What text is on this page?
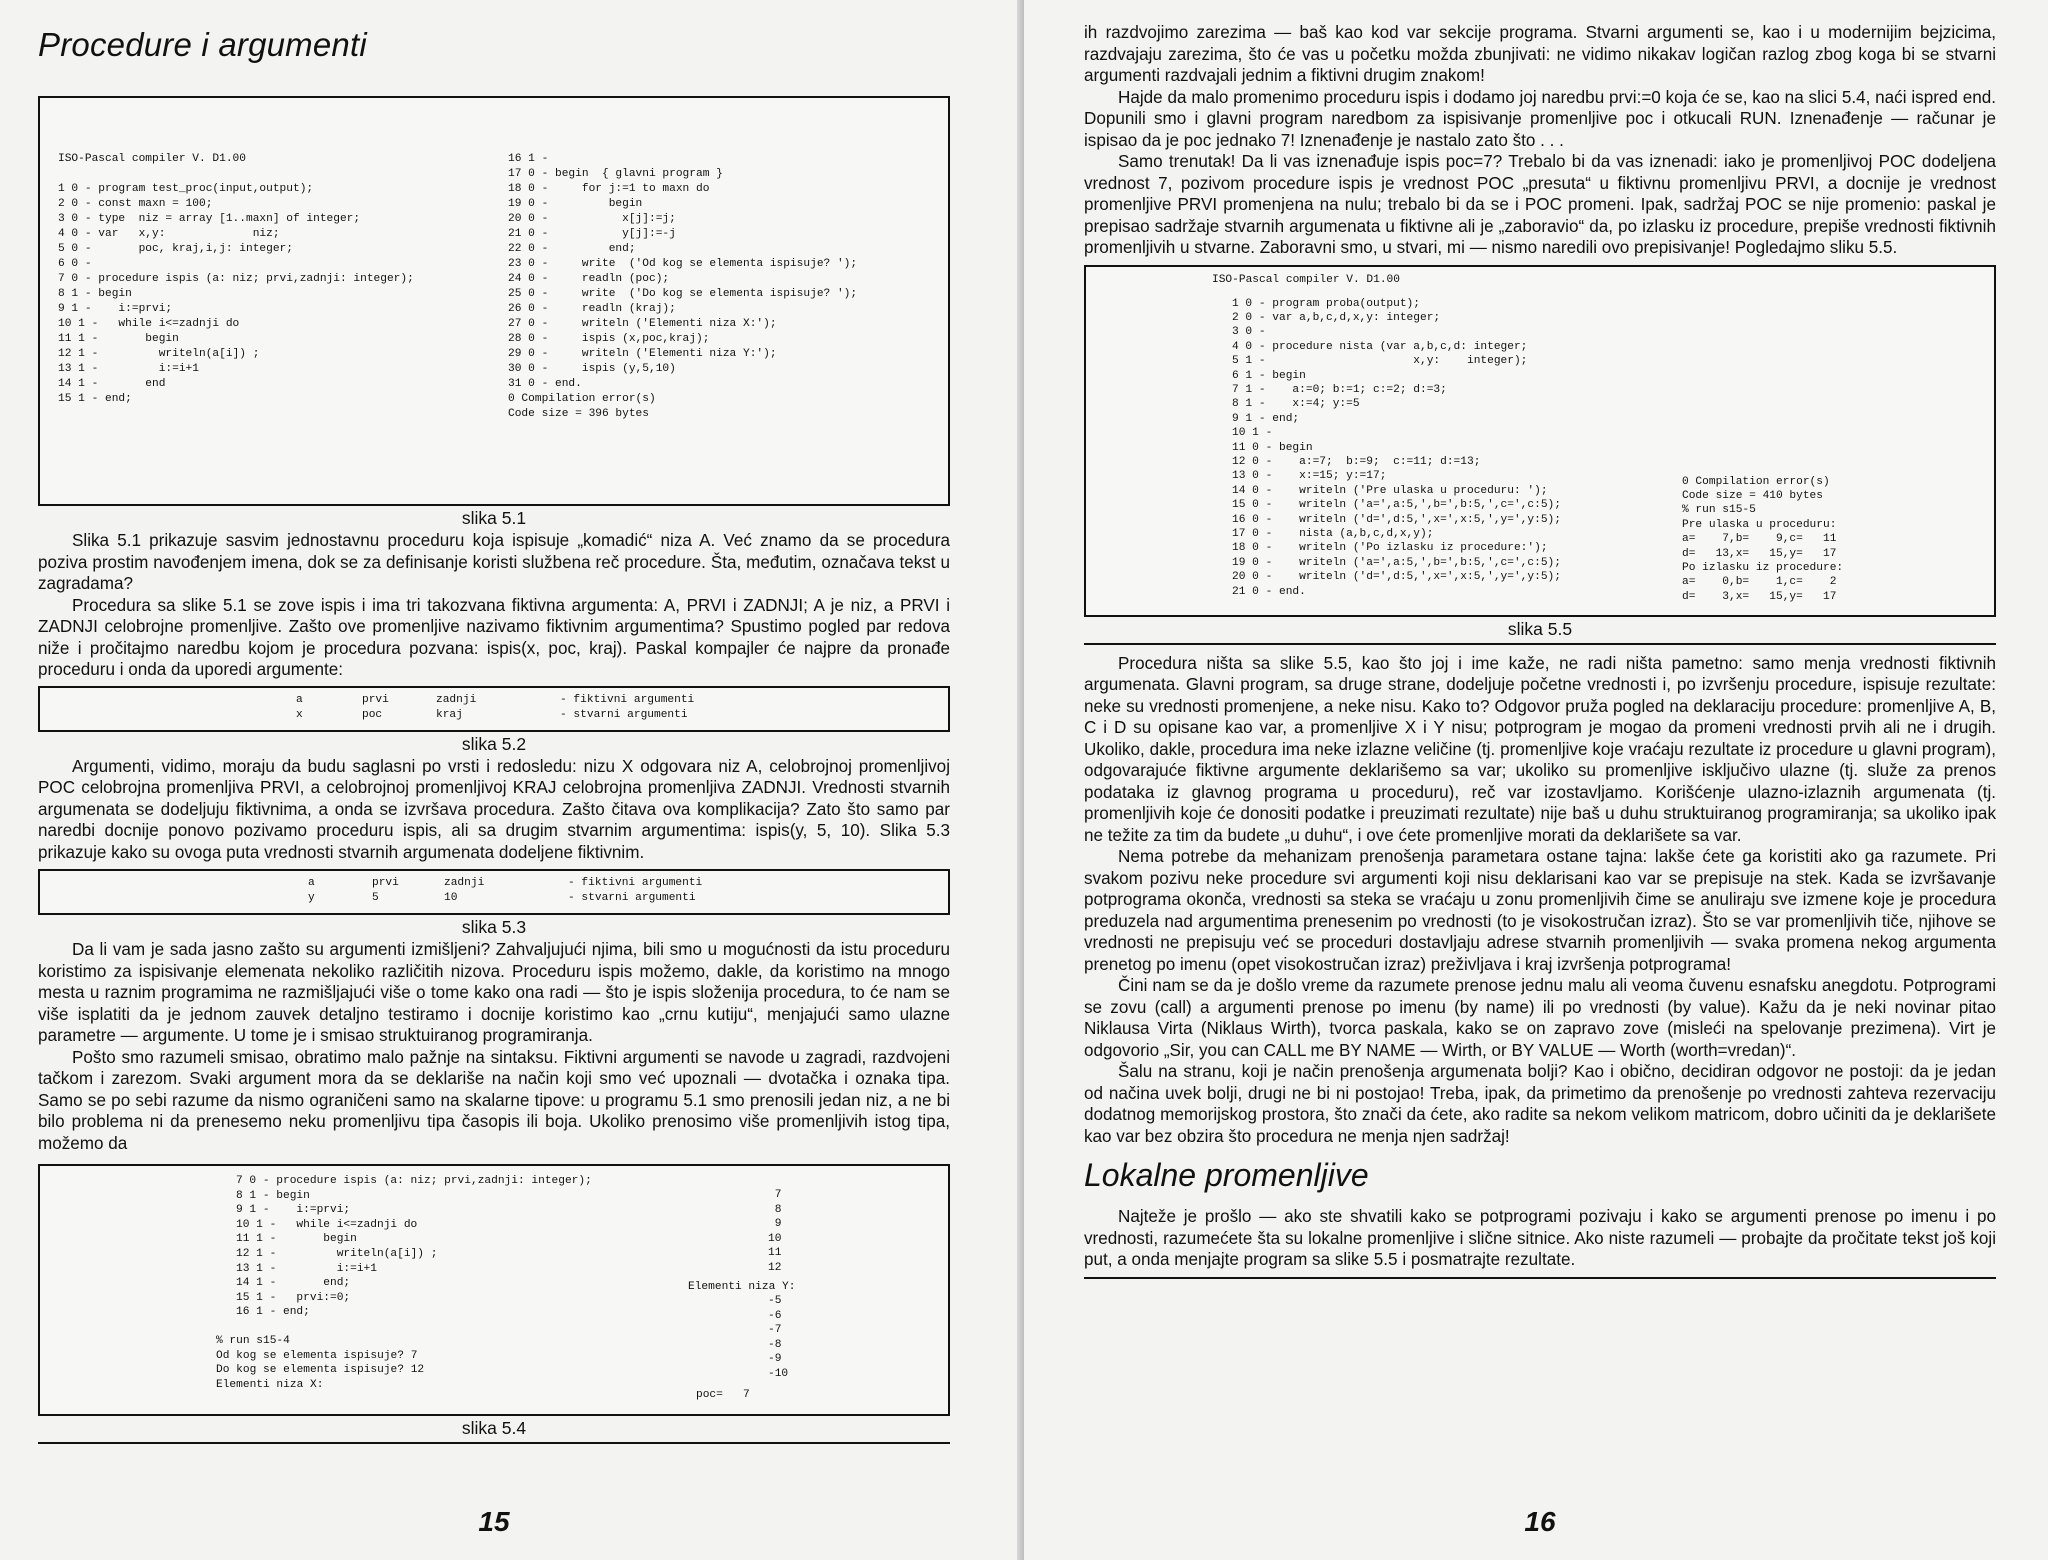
Procedure i argumenti
ISO-Pascal compiler V. D1.00
1 0 - program test_proc(input,output);
2 0 - const maxn = 100;
3 0 - type  niz = array [1..maxn] of integer;
4 0 - var   x,y:             niz;
5 0 -       poc, kraj,i,j: integer;
6 0 -
7 0 - procedure ispis (a: niz; prvi,zadnji: integer);
8 1 - begin
9 1 -    i:=prvi;
10 1 -   while i<=zadnji do
11 1 -       begin
12 1 -         writeln(a[i]) ;
13 1 -         i:=i+1
14 1 -       end
15 1 - end;
16 1 -
17 0 - begin  { glavni program }
18 0 -     for j:=1 to maxn do
19 0 -         begin
20 0 -           x[j]:=j;
21 0 -           y[j]:=-j
22 0 -         end;
23 0 -     write  ('Od kog se elementa ispisuje? ');
24 0 -     readln (poc);
25 0 -     write  ('Do kog se elementa ispisuje? ');
26 0 -     readln (kraj);
27 0 -     writeln ('Elementi niza X:');
28 0 -     ispis (x,poc,kraj);
29 0 -     writeln ('Elementi niza Y:');
30 0 -     ispis (y,5,10)
31 0 - end.
0 Compilation error(s)
Code size = 396 bytes
slika 5.1

Slika 5.1 prikazuje sasvim jednostavnu proceduru koja ispisuje „komadić“ niza A. Već znamo da se procedura poziva prostim navođenjem imena, dok se za definisanje koristi službena reč procedure. Šta, međutim, označava tekst u zagradama?

Procedura sa slike 5.1 se zove ispis i ima tri takozvana fiktivna argumenta: A, PRVI i ZADNJI; A je niz, a PRVI i ZADNJI celobrojne promenljive. Zašto ove promenljive nazivamo fiktivnim argumentima? Spustimo pogled par redova niže i pročitajmo naredbu kojom je procedura pozvana: ispis(x, poc, kraj). Paskal kompajler će najpre da pronađe proceduru i onda da uporedi argumente:

a	prvi	zadnji	- fiktivni argumenti
x	poc	kraj	- stvarni argumenti
slika 5.2

Argumenti, vidimo, moraju da budu saglasni po vrsti i redosledu: nizu X odgovara niz A, celobrojnoj promenljivoj POC celobrojna promenljiva PRVI, a celobrojnoj promenljivoj KRAJ celobrojna promenljiva ZADNJI. Vrednosti stvarnih argumenata se dodeljuju fiktivnima, a onda se izvršava procedura. Zašto čitava ova komplikacija? Zato što samo par naredbi docnije ponovo pozivamo proceduru ispis, ali sa drugim stvarnim argumentima: ispis(y, 5, 10). Slika 5.3 prikazuje kako su ovoga puta vrednosti stvarnih argumenata dodeljene fiktivnim.

a	prvi	zadnji	- fiktivni argumenti
y	5	10	- stvarni argumenti
slika 5.3

Da li vam je sada jasno zašto su argumenti izmišljeni? Zahvaljujući njima, bili smo u mogućnosti da istu proceduru koristimo za ispisivanje elemenata nekoliko različitih nizova. Proceduru ispis možemo, dakle, da koristimo na mnogo mesta u raznim programima ne razmišljajući više o tome kako ona radi — što je ispis složenija procedura, to će nam se više isplatiti da je jednom zauvek detaljno testiramo i docnije koristimo kao „crnu kutiju“, menjajući samo ulazne parametre — argumente. U tome je i smisao struktuiranog programiranja.

Pošto smo razumeli smisao, obratimo malo pažnje na sintaksu. Fiktivni argumenti se navode u zagradi, razdvojeni tačkom i zarezom. Svaki argument mora da se deklariše na način koji smo već upoznali — dvotačka i oznaka tipa. Samo se po sebi razume da nismo ograničeni samo na skalarne tipove: u programu 5.1 smo prenosili jedan niz, a ne bi bilo problema ni da prenesemo neku promenljivu tipa časopis ili boja. Ukoliko prenosimo više promenljivih istog tipa, možemo da

7 0 - procedure ispis (a: niz; prvi,zadnji: integer);
8 1 - begin
9 1 -    i:=prvi;
10 1 -   while i<=zadnji do
11 1 -       begin
12 1 -         writeln(a[i]) ;
13 1 -         i:=i+1
14 1 -       end;
15 1 -   prvi:=0;
16 1 - end;
% run s15-4
Od kog se elementa ispisuje? 7
Do kog se elementa ispisuje? 12
Elementi niza X:
7
8
9
10
11
12
Elementi niza Y:
-5
-6
-7
-8
-9
-10
poc=   7
slika 5.4
15

ih razdvojimo zarezima — baš kao kod var sekcije programa. Stvarni argumenti se, kao i u modernijim bejzicima, razdvajaju zarezima, što će vas u početku možda zbunjivati: ne vidimo nikakav logičan razlog zbog koga bi se stvarni argumenti razdvajali jednim a fiktivni drugim znakom!

Hajde da malo promenimo proceduru ispis i dodamo joj naredbu prvi:=0 koja će se, kao na slici 5.4, naći ispred end. Dopunili smo i glavni program naredbom za ispisivanje promenljive poc i otkucali RUN. Iznenađenje — računar je ispisao da je poc jednako 7! Iznenađenje je nastalo zato što . . .

Samo trenutak! Da li vas iznenađuje ispis poc=7? Trebalo bi da vas iznenadi: iako je promenljivoj POC dodeljena vrednost 7, pozivom procedure ispis je vrednost POC „presuta“ u fiktivnu promenljivu PRVI, a docnije je vrednost promenljive PRVI promenjena na nulu; trebalo bi da se i POC promeni. Ipak, sadržaj POC se nije promenio: paskal je prepisao sadržaje stvarnih argumenata u fiktivne ali je „zaboravio“ da, po izlasku iz procedure, prepiše vrednosti fiktivnih promenljivih u stvarne. Zaboravni smo, u stvari, mi — nismo naredili ovo prepisivanje! Pogledajmo sliku 5.5.

ISO-Pascal compiler V. D1.00
1 0 - program proba(output);
2 0 - var a,b,c,d,x,y: integer;
3 0 -
4 0 - procedure nista (var a,b,c,d: integer;
5 1 -                      x,y:    integer);
6 1 - begin
7 1 -    a:=0; b:=1; c:=2; d:=3;
8 1 -    x:=4; y:=5
9 1 - end;
10 1 -
11 0 - begin
12 0 -    a:=7;  b:=9;  c:=11; d:=13;
13 0 -    x:=15; y:=17;
14 0 -    writeln ('Pre ulaska u proceduru: ');
15 0 -    writeln ('a=',a:5,',b=',b:5,',c=',c:5);
16 0 -    writeln ('d=',d:5,',x=',x:5,',y=',y:5);
17 0 -    nista (a,b,c,d,x,y);
18 0 -    writeln ('Po izlasku iz procedure:');
19 0 -    writeln ('a=',a:5,',b=',b:5,',c=',c:5);
20 0 -    writeln ('d=',d:5,',x=',x:5,',y=',y:5);
21 0 - end.
0 Compilation error(s)
Code size = 410 bytes
% run s15-5
Pre ulaska u proceduru:
a=    7,b=    9,c=   11
d=   13,x=   15,y=   17
Po izlasku iz procedure:
a=    0,b=    1,c=    2
d=    3,x=   15,y=   17
slika 5.5

Procedura ništa sa slike 5.5, kao što joj i ime kaže, ne radi ništa pametno: samo menja vrednosti fiktivnih argumenata. Glavni program, sa druge strane, dodeljuje početne vrednosti i, po izvršenju procedure, ispisuje rezultate: neke su vrednosti promenjene, a neke nisu. Kako to? Odgovor pruža pogled na deklaraciju procedure: promenljive A, B, C i D su opisane kao var, a promenljive X i Y nisu; potprogram je mogao da promeni vrednosti prvih ali ne i drugih. Ukoliko, dakle, procedura ima neke izlazne veličine (tj. promenljive koje vraćaju rezultate iz procedure u glavni program), odgovarajuće fiktivne argumente deklarišemo sa var; ukoliko su promenljive isključivo ulazne (tj. služe za prenos podataka iz glavnog programa u proceduru), reč var izostavljamo. Korišćenje ulazno-izlaznih argumenata (tj. promenljivih koje će donositi podatke i preuzimati rezultate) nije baš u duhu struktuiranog programiranja; sa ukoliko ipak ne težite za tim da budete „u duhu“, i ove ćete promenljive morati da deklarišete sa var.

Nema potrebe da mehanizam prenošenja parametara ostane tajna: lakše ćete ga koristiti ako ga razumete. Pri svakom pozivu neke procedure svi argumenti koji nisu deklarisani kao var se prepisuje na stek. Kada se izvršavanje potprograma okonča, vrednosti sa steka se vraćaju u zonu promenljivih čime se anuliraju sve izmene koje je procedura preduzela nad argumentima prenesenim po vrednosti (to je visokostručan izraz). Što se var promenljivih tiče, njihove se vrednosti ne prepisuju već se proceduri dostavljaju adrese stvarnih promenljivih — svaka promena nekog argumenta prenetog po imenu (opet visokostručan izraz) preživljava i kraj izvršenja potprograma!

Čini nam se da je došlo vreme da razumete prenose jednu malu ali veoma čuvenu esnafsku anegdotu. Potprogrami se zovu (call) a argumenti prenose po imenu (by name) ili po vrednosti (by value). Kažu da je neki novinar pitao Niklausa Virta (Niklaus Wirth), tvorca paskala, kako se on zapravo zove (misleći na spelovanje prezimena). Virt je odgovorio „Sir, you can CALL me BY NAME — Wirth, or BY VALUE — Worth (worth=vredan)“.

Šalu na stranu, koji je način prenošenja argumenata bolji? Kao i obično, decidiran odgovor ne postoji: da je jedan od načina uvek bolji, drugi ne bi ni postojao! Treba, ipak, da primetimo da prenošenje po vrednosti zahteva rezervaciju dodatnog memorijskog prostora, što znači da ćete, ako radite sa nekom velikom matricom, dobro učiniti da je deklarišete kao var bez obzira što procedura ne menja njen sadržaj!

Lokalne promenljive

Najteže je prošlo — ako ste shvatili kako se potprogrami pozivaju i kako se argumenti prenose po imenu i po vrednosti, razumećete šta su lokalne promenljive i slične sitnice. Ako niste razumeli — probajte da pročitate tekst još koji put, a onda menjajte program sa slike 5.5 i posmatrajte rezultate.

16
